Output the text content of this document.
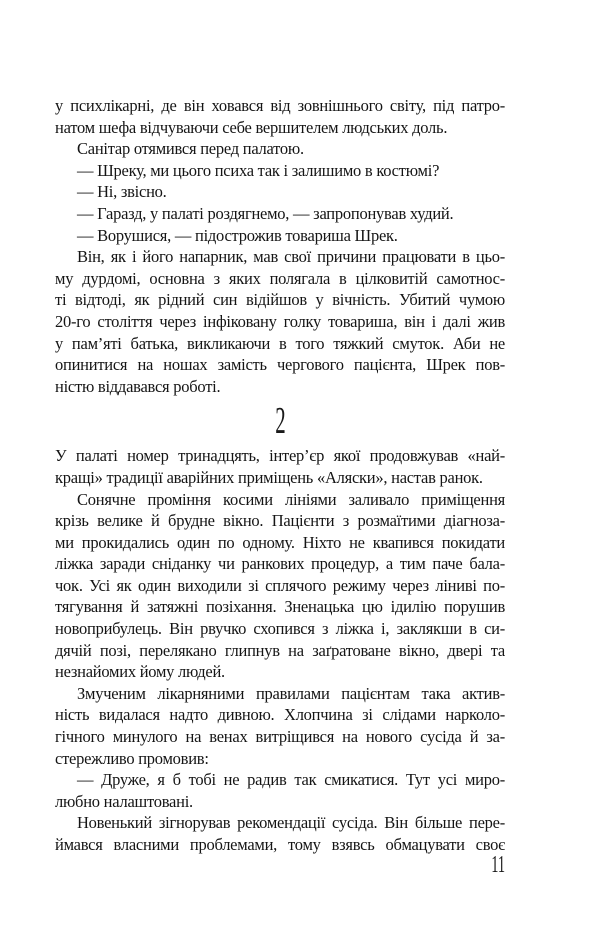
у психлікарні, де він ховався від зовнішнього світу, під патро-
натом шефа відчуваючи себе вершителем людських доль.
Санітар отямився перед палатою.
— Шреку, ми цього психа так і залишимо в костюмі?
— Ні, звісно.
— Гаразд, у палаті роздягнемо, — запропонував худий.
— Ворушися, — підострожив товариша Шрек.
Він, як і його напарник, мав свої причини працювати в цьо-
му дурдомі, основна з яких полягала в цілковитій самотнос-
ті відтоді, як рідний син відійшов у вічність. Убитий чумою
20-го століття через інфіковану голку товариша, він і далі жив
у пам’яті батька, викликаючи в того тяжкий смуток. Аби не
опинитися на ношах замість чергового пацієнта, Шрек пов-
ністю віддавався роботі.
2
У палаті номер тринадцять, інтер’єр якої продовжував «най-
кращі» традиції аварійних приміщень «Аляски», настав ранок.
Сонячне проміння косими лініями заливало приміщення
крізь велике й брудне вікно. Пацієнти з розмаїтими діагноза-
ми прокидались один по одному. Ніхто не квапився покидати
ліжка заради сніданку чи ранкових процедур, а тим паче бала-
чок. Усі як один виходили зі сплячого режиму через ліниві по-
тягування й затяжні позіхання. Зненацька цю ідилію порушив
новоприбулець. Він рвучко схопився з ліжка і, заклякши в си-
дячій позі, перелякано глипнув на заґратоване вікно, двері та
незнайомих йому людей.
Змученим лікарняними правилами пацієнтам така актив-
ність видалася надто дивною. Хлопчина зі слідами нарколо-
гічного минулого на венах витріщився на нового сусіда й за-
стережливо промовив:
— Друже, я б тобі не радив так смикатися. Тут усі миро-
любно налаштовані.
Новенький зігнорував рекомендації сусіда. Він більше пере-
ймався власними проблемами, тому взявсь обмацувати своє
11
